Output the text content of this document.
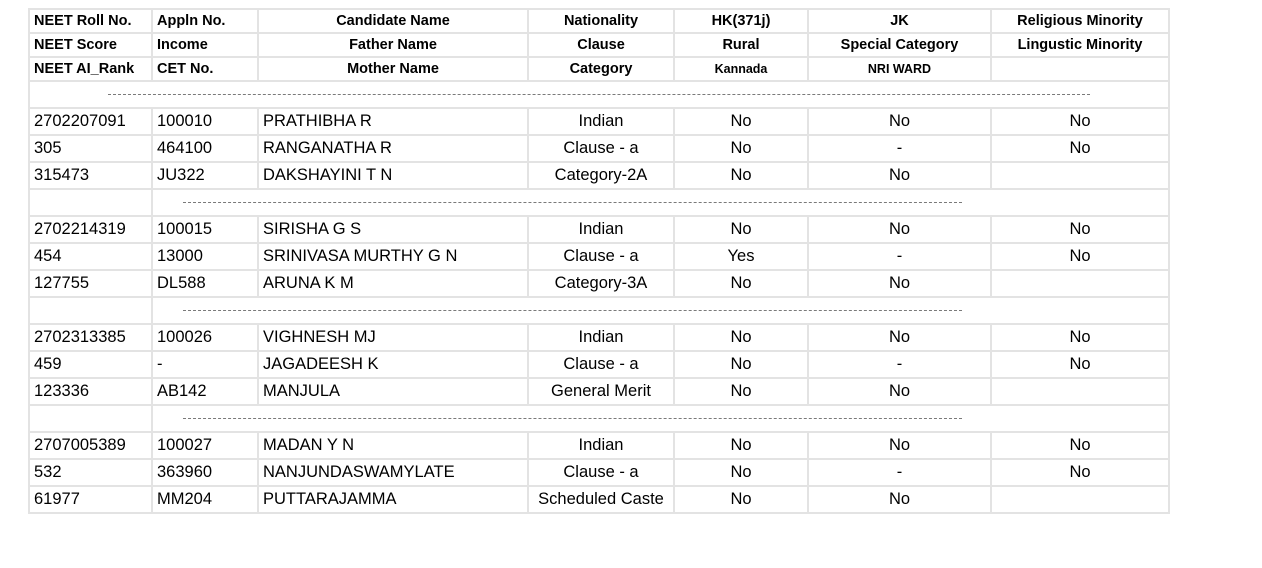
NEET Roll No.	Appln No.	Candidate Name	Nationality	HK(371j)	JK	Religious Minority
NEET Score	Income	Father Name	Clause	Rural	Special Category	Lingustic Minority
NEET AI_Rank	CET No.	Mother Name	Category	Kannada	NRI WARD	

2702207091	100010	PRATHIBHA R	Indian	No	No	No
305	464100	RANGANATHA R	Clause - a	No	-	No
315473	JU322	DAKSHAYINI T N	Category-2A	No	No	

2702214319	100015	SIRISHA G S	Indian	No	No	No
454	13000	SRINIVASA MURTHY G N	Clause - a	Yes	-	No
127755	DL588	ARUNA K M	Category-3A	No	No	

2702313385	100026	VIGHNESH MJ	Indian	No	No	No
459	-	JAGADEESH K	Clause - a	No	-	No
123336	AB142	MANJULA	General Merit	No	No	

2707005389	100027	MADAN Y N	Indian	No	No	No
532	363960	NANJUNDASWAMYLATE	Clause - a	No	-	No
61977	MM204	PUTTARAJAMMA	Scheduled Caste	No	No	
